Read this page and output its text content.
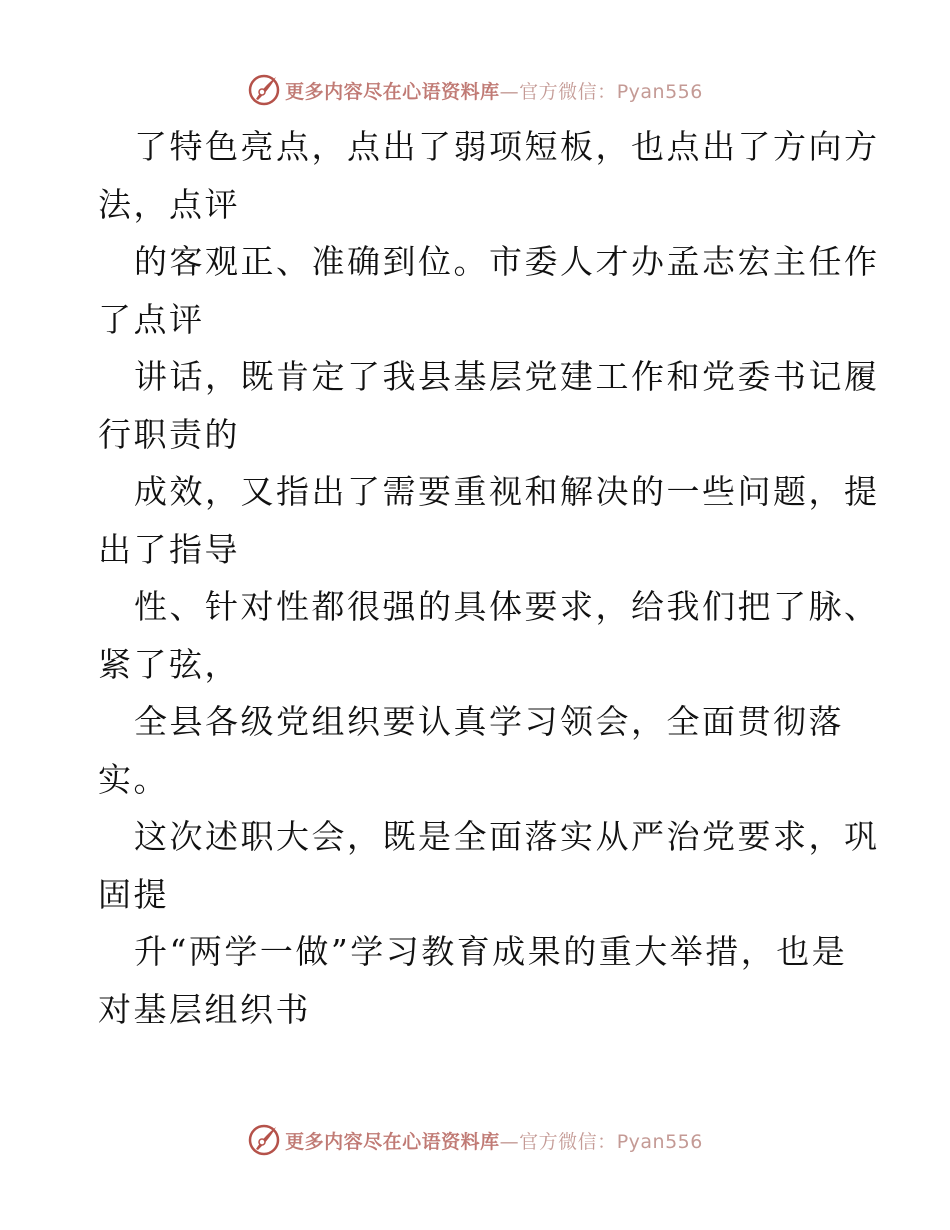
更多内容尽在心语资料库—官方微信：Pyan556
了特色亮点，点出了弱项短板，也点出了方向方
法，点评
的客观正、准确到位。市委人才办孟志宏主任作
了点评
讲话，既肯定了我县基层党建工作和党委书记履
行职责的
成效，又指出了需要重视和解决的一些问题，提
出了指导
性、针对性都很强的具体要求，给我们把了脉、
紧了弦，
全县各级党组织要认真学习领会，全面贯彻落
实。
这次述职大会，既是全面落实从严治党要求，巩
固提
升“两学一做”学习教育成果的重大举措，也是
对基层组织书
更多内容尽在心语资料库—官方微信：Pyan556
